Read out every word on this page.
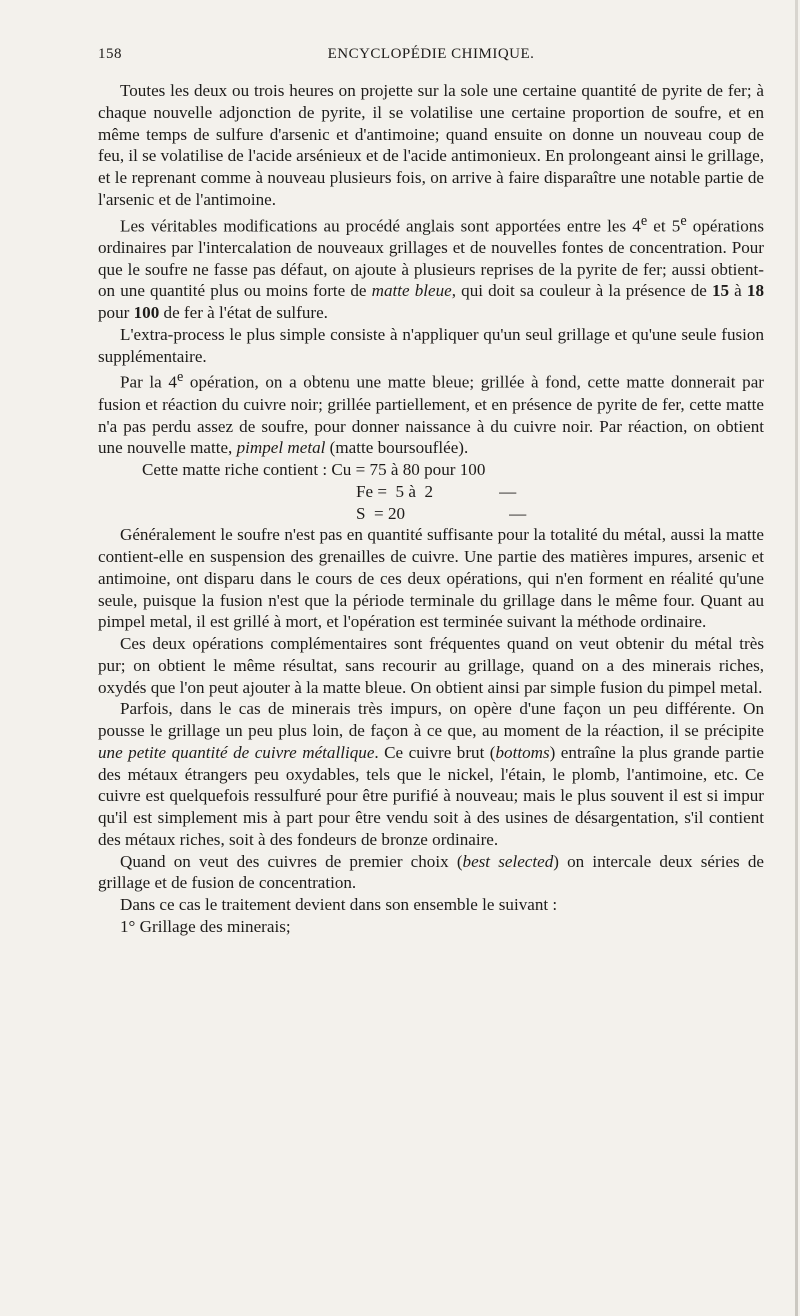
158	ENCYCLOPÉDIE CHIMIQUE.

Toutes les deux ou trois heures on projette sur la sole une certaine quantité de pyrite de fer; à chaque nouvelle adjonction de pyrite, il se volatilise une certaine proportion de soufre, et en même temps de sulfure d'arsenic et d'antimoine; quand ensuite on donne un nouveau coup de feu, il se volatilise de l'acide arsénieux et de l'acide antimonieux. En prolongeant ainsi le grillage, et le reprenant comme à nouveau plusieurs fois, on arrive à faire disparaître une notable partie de l'arsenic et de l'antimoine.

Les véritables modifications au procédé anglais sont apportées entre les 4e et 5e opérations ordinaires par l'intercalation de nouveaux grillages et de nouvelles fontes de concentration. Pour que le soufre ne fasse pas défaut, on ajoute à plusieurs reprises de la pyrite de fer; aussi obtient-on une quantité plus ou moins forte de matte bleue, qui doit sa couleur à la présence de 15 à 18 pour 100 de fer à l'état de sulfure.

L'extra-process le plus simple consiste à n'appliquer qu'un seul grillage et qu'une seule fusion supplémentaire.

Par la 4e opération, on a obtenu une matte bleue; grillée à fond, cette matte donnerait par fusion et réaction du cuivre noir; grillée partiellement, et en présence de pyrite de fer, cette matte n'a pas perdu assez de soufre, pour donner naissance à du cuivre noir. Par réaction, on obtient une nouvelle matte, pimpel metal (matte boursouflée).

Cette matte riche contient : Cu = 75 à 80 pour 100

Fe =  5 à  2	—

S  = 20	—

Généralement le soufre n'est pas en quantité suffisante pour la totalité du métal, aussi la matte contient-elle en suspension des grenailles de cuivre. Une partie des matières impures, arsenic et antimoine, ont disparu dans le cours de ces deux opérations, qui n'en forment en réalité qu'une seule, puisque la fusion n'est que la période terminale du grillage dans le même four. Quant au pimpel metal, il est grillé à mort, et l'opération est terminée suivant la méthode ordinaire.

Ces deux opérations complémentaires sont fréquentes quand on veut obtenir du métal très pur; on obtient le même résultat, sans recourir au grillage, quand on a des minerais riches, oxydés que l'on peut ajouter à la matte bleue. On obtient ainsi par simple fusion du pimpel metal.

Parfois, dans le cas de minerais très impurs, on opère d'une façon un peu différente. On pousse le grillage un peu plus loin, de façon à ce que, au moment de la réaction, il se précipite une petite quantité de cuivre métallique. Ce cuivre brut (bottoms) entraîne la plus grande partie des métaux étrangers peu oxydables, tels que le nickel, l'étain, le plomb, l'antimoine, etc. Ce cuivre est quelquefois ressulfuré pour être purifié à nouveau; mais le plus souvent il est si impur qu'il est simplement mis à part pour être vendu soit à des usines de désargentation, s'il contient des métaux riches, soit à des fondeurs de bronze ordinaire.

Quand on veut des cuivres de premier choix (best selected) on intercale deux séries de grillage et de fusion de concentration.

Dans ce cas le traitement devient dans son ensemble le suivant :

1° Grillage des minerais;
